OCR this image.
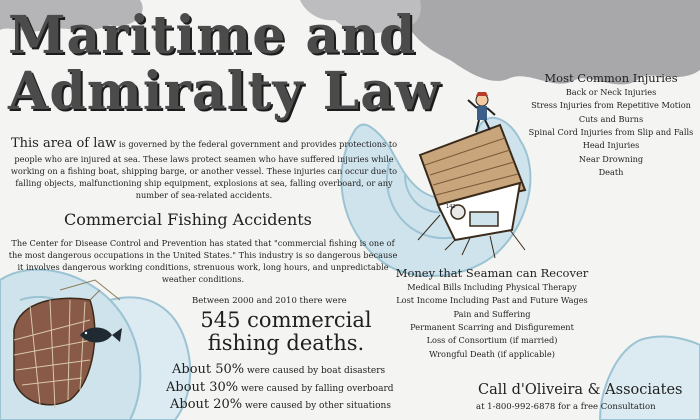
142
Maritime and
Admiralty Law
This area of law is governed by the federal government and provides protections to people who are injured at sea. These laws protect seamen who have suffered injuries while working on a fishing boat, shipping barge, or another vessel. These injuries can occur due to falling objects, malfunctioning ship equipment, explosions at sea, falling overboard, or any number of sea-related accidents.
Commercial Fishing Accidents
The Center for Disease Control and Prevention has stated that "commercial fishing is one of the most dangerous occupations in the United States." This industry is so dangerous because it involves dangerous working conditions, strenuous work, long hours, and unpredictable weather conditions.
Between 2000 and 2010 there were
545 commercial
fishing deaths.
About 50% were caused by boat disasters
About 30% were caused by falling overboard
About 20% were caused by other situations
Most Common Injuries
Back or Neck Injuries
Stress Injuries from Repetitive Motion
Cuts and Burns
Spinal Cord Injuries from Slip and Falls
Head Injuries
Near Drowning
Death
Money that Seaman can Recover
Medical Bills Including Physical Therapy
Lost Income Including Past and Future Wages
Pain and Suffering
Permanent Scarring and Disfigurement
Loss of Consortium (if married)
Wrongful Death (if applicable)
Call d'Oliveira & Associates
at 1-800-992-6878 for a free Consultation
